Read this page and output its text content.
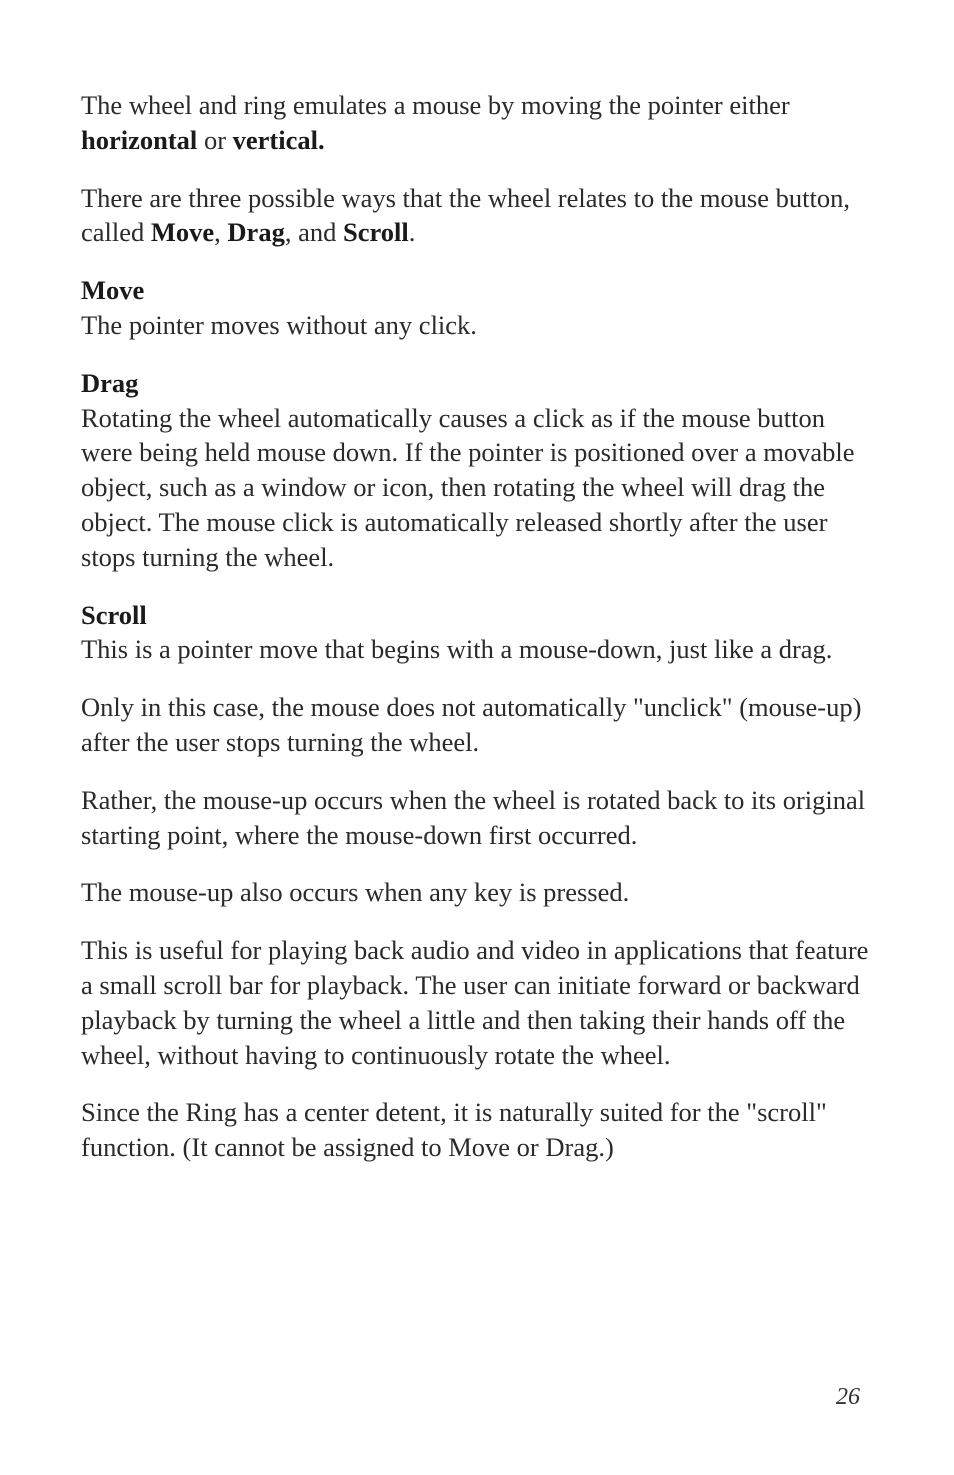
The wheel and ring emulates a mouse by moving the pointer either horizontal or vertical.

There are three possible ways that the wheel relates to the mouse button, called Move, Drag, and Scroll.

Move
The pointer moves without any click.

Drag
Rotating the wheel automatically causes a click as if the mouse button were being held mouse down. If the pointer is positioned over a movable object, such as a window or icon, then rotating the wheel will drag the object. The mouse click is automatically released shortly after the user stops turning the wheel.

Scroll
This is a pointer move that begins with a mouse-down, just like a drag.

Only in this case, the mouse does not automatically "unclick" (mouse-up) after the user stops turning the wheel.

Rather, the mouse-up occurs when the wheel is rotated back to its original starting point, where the mouse-down first occurred.

The mouse-up also occurs when any key is pressed.

This is useful for playing back audio and video in applications that feature a small scroll bar for playback. The user can initiate forward or backward playback by turning the wheel a little and then taking their hands off the wheel, without having to continuously rotate the wheel.

Since the Ring has a center detent, it is naturally suited for the "scroll" function. (It cannot be assigned to Move or Drag.)

26
